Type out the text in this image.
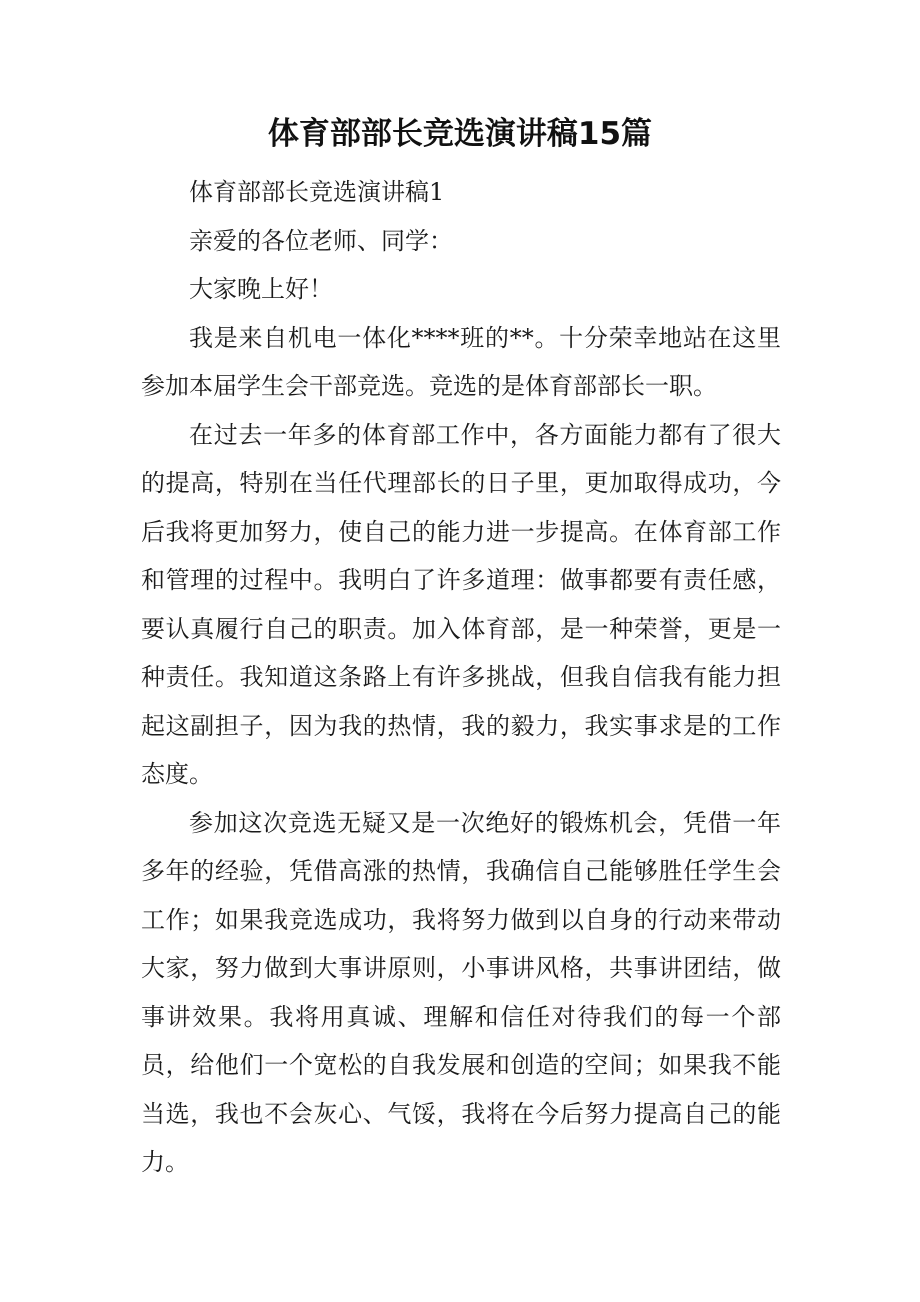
体育部部长竞选演讲稿15篇

体育部部长竞选演讲稿1

亲爱的各位老师、同学：

大家晚上好！

我是来自机电一体化****班的**。十分荣幸地站在这里参加本届学生会干部竞选。竞选的是体育部部长一职。

在过去一年多的体育部工作中，各方面能力都有了很大的提高，特别在当任代理部长的日子里，更加取得成功，今后我将更加努力，使自己的能力进一步提高。在体育部工作和管理的过程中。我明白了许多道理：做事都要有责任感，要认真履行自己的职责。加入体育部，是一种荣誉，更是一种责任。我知道这条路上有许多挑战，但我自信我有能力担起这副担子，因为我的热情，我的毅力，我实事求是的工作态度。

参加这次竞选无疑又是一次绝好的锻炼机会，凭借一年多年的经验，凭借高涨的热情，我确信自己能够胜任学生会工作；如果我竞选成功，我将努力做到以自身的行动来带动大家，努力做到大事讲原则，小事讲风格，共事讲团结，做事讲效果。我将用真诚、理解和信任对待我们的每一个部员，给他们一个宽松的自我发展和创造的空间；如果我不能当选，我也不会灰心、气馁，我将在今后努力提高自己的能力。
